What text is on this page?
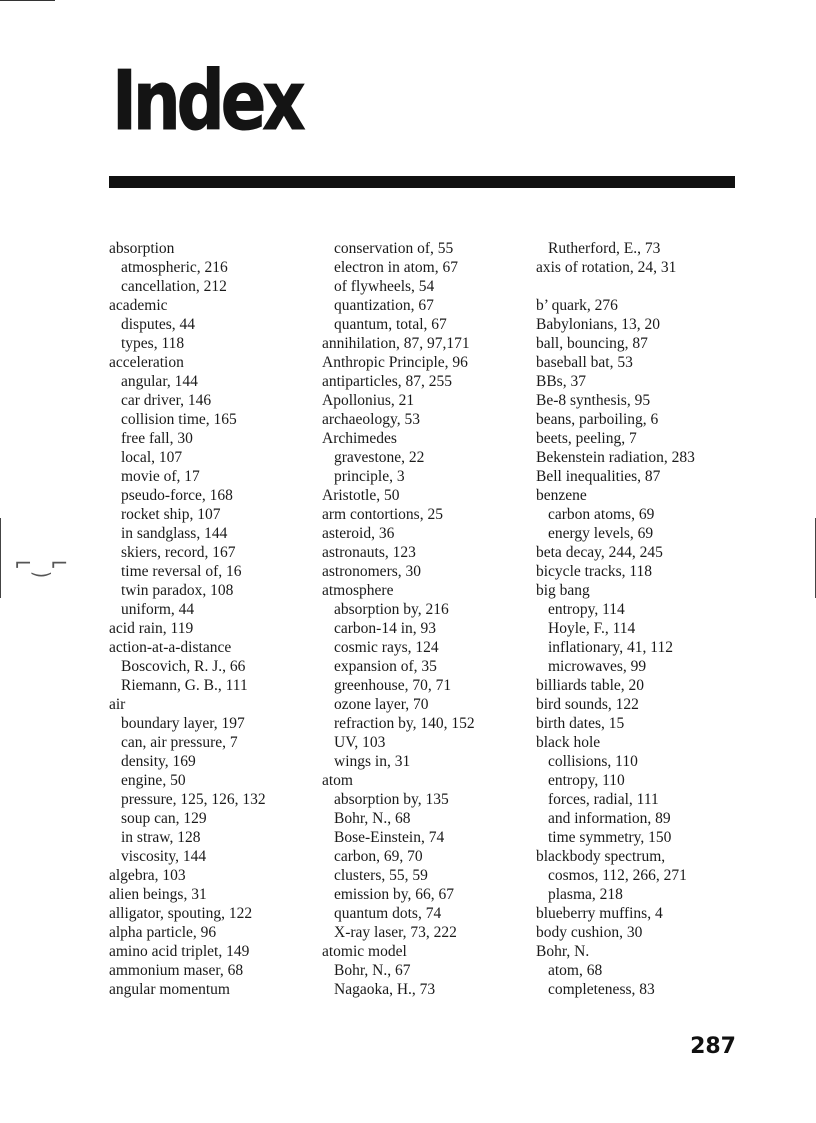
⌐‿⌐
Index
absorption
atmospheric, 216
cancellation, 212
academic
disputes, 44
types, 118
acceleration
angular, 144
car driver, 146
collision time, 165
free fall, 30
local, 107
movie of, 17
pseudo-force, 168
rocket ship, 107
in sandglass, 144
skiers, record, 167
time reversal of, 16
twin paradox, 108
uniform, 44
acid rain, 119
action-at-a-distance
Boscovich, R. J., 66
Riemann, G. B., 111
air
boundary layer, 197
can, air pressure, 7
density, 169
engine, 50
pressure, 125, 126, 132
soup can, 129
in straw, 128
viscosity, 144
algebra, 103
alien beings, 31
alligator, spouting, 122
alpha particle, 96
amino acid triplet, 149
ammonium maser, 68
angular momentum
conservation of, 55
electron in atom, 67
of flywheels, 54
quantization, 67
quantum, total, 67
annihilation, 87, 97,171
Anthropic Principle, 96
antiparticles, 87, 255
Apollonius, 21
archaeology, 53
Archimedes
gravestone, 22
principle, 3
Aristotle, 50
arm contortions, 25
asteroid, 36
astronauts, 123
astronomers, 30
atmosphere
absorption by, 216
carbon-14 in, 93
cosmic rays, 124
expansion of, 35
greenhouse, 70, 71
ozone layer, 70
refraction by, 140, 152
UV, 103
wings in, 31
atom
absorption by, 135
Bohr, N., 68
Bose-Einstein, 74
carbon, 69, 70
clusters, 55, 59
emission by, 66, 67
quantum dots, 74
X-ray laser, 73, 222
atomic model
Bohr, N., 67
Nagaoka, H., 73
Rutherford, E., 73
axis of rotation, 24, 31
b’ quark, 276
Babylonians, 13, 20
ball, bouncing, 87
baseball bat, 53
BBs, 37
Be-8 synthesis, 95
beans, parboiling, 6
beets, peeling, 7
Bekenstein radiation, 283
Bell inequalities, 87
benzene
carbon atoms, 69
energy levels, 69
beta decay, 244, 245
bicycle tracks, 118
big bang
entropy, 114
Hoyle, F., 114
inflationary, 41, 112
microwaves, 99
billiards table, 20
bird sounds, 122
birth dates, 15
black hole
collisions, 110
entropy, 110
forces, radial, 111
and information, 89
time symmetry, 150
blackbody spectrum,
cosmos, 112, 266, 271
plasma, 218
blueberry muffins, 4
body cushion, 30
Bohr, N.
atom, 68
completeness, 83
287
